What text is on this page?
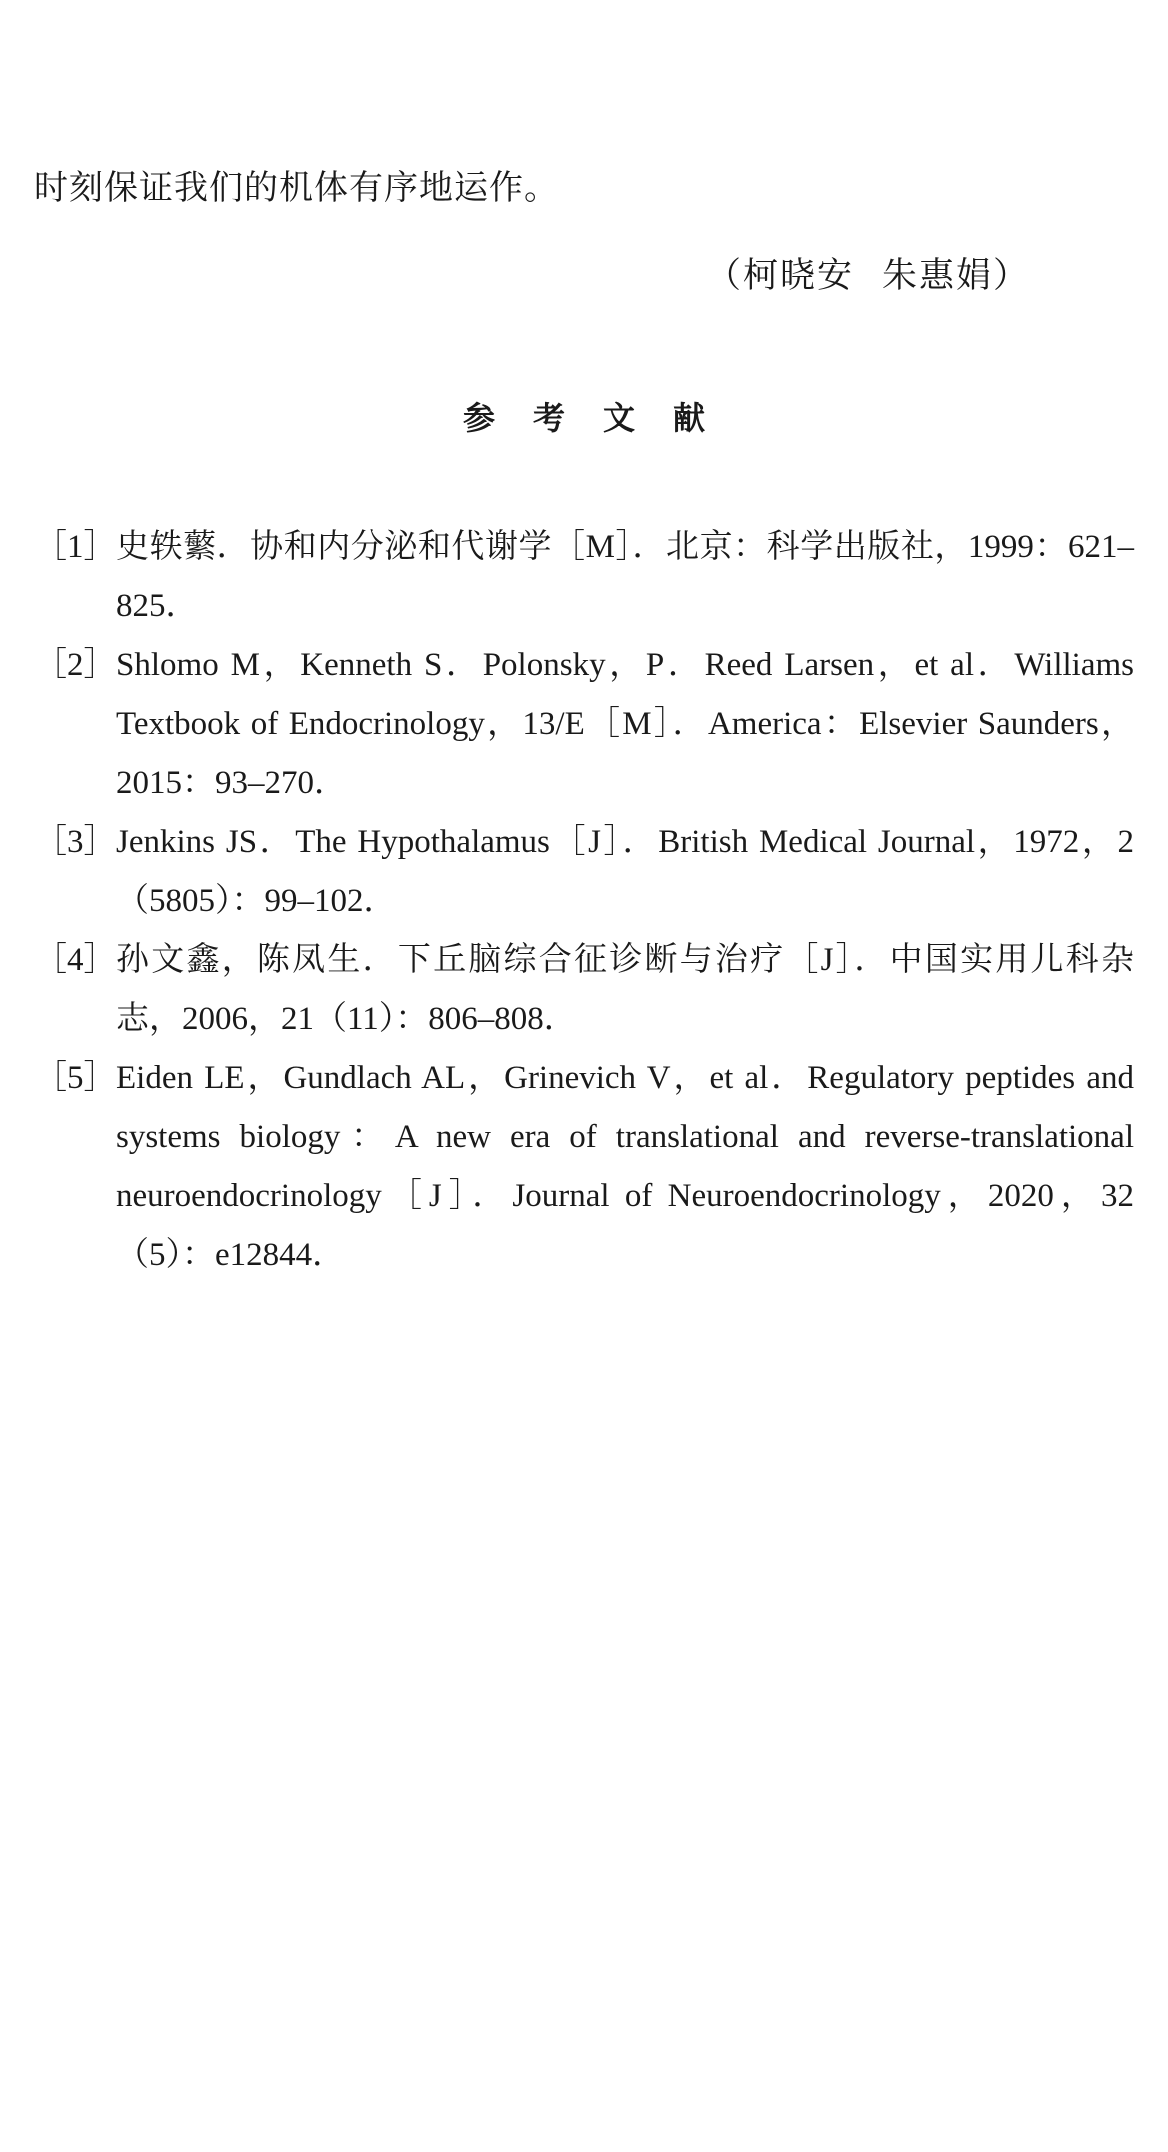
时刻保证我们的机体有序地运作。

（柯晓安 朱惠娟）

参考文献
［1］ 史轶蘩．协和内分泌和代谢学［M］．北京：科学出版社，1999：621–825．
［2］ Shlomo M，Kenneth S．Polonsky，P．Reed Larsen，et al．Williams Textbook of Endocrinology，13/E［M］．America：Elsevier Saunders，2015：93–270．
［3］ Jenkins JS．The Hypothalamus［J］．British Medical Journal，1972，2（5805）：99–102．
［4］ 孙文鑫，陈凤生．下丘脑综合征诊断与治疗［J］．中国实用儿科杂志，2006，21（11）：806–808．
［5］ Eiden LE，Gundlach AL，Grinevich V，et al．Regulatory peptides and systems biology：A new era of translational and reverse-translational neuroendocrinology［J］．Journal of Neuroendocrinology，2020，32（5）：e12844．
